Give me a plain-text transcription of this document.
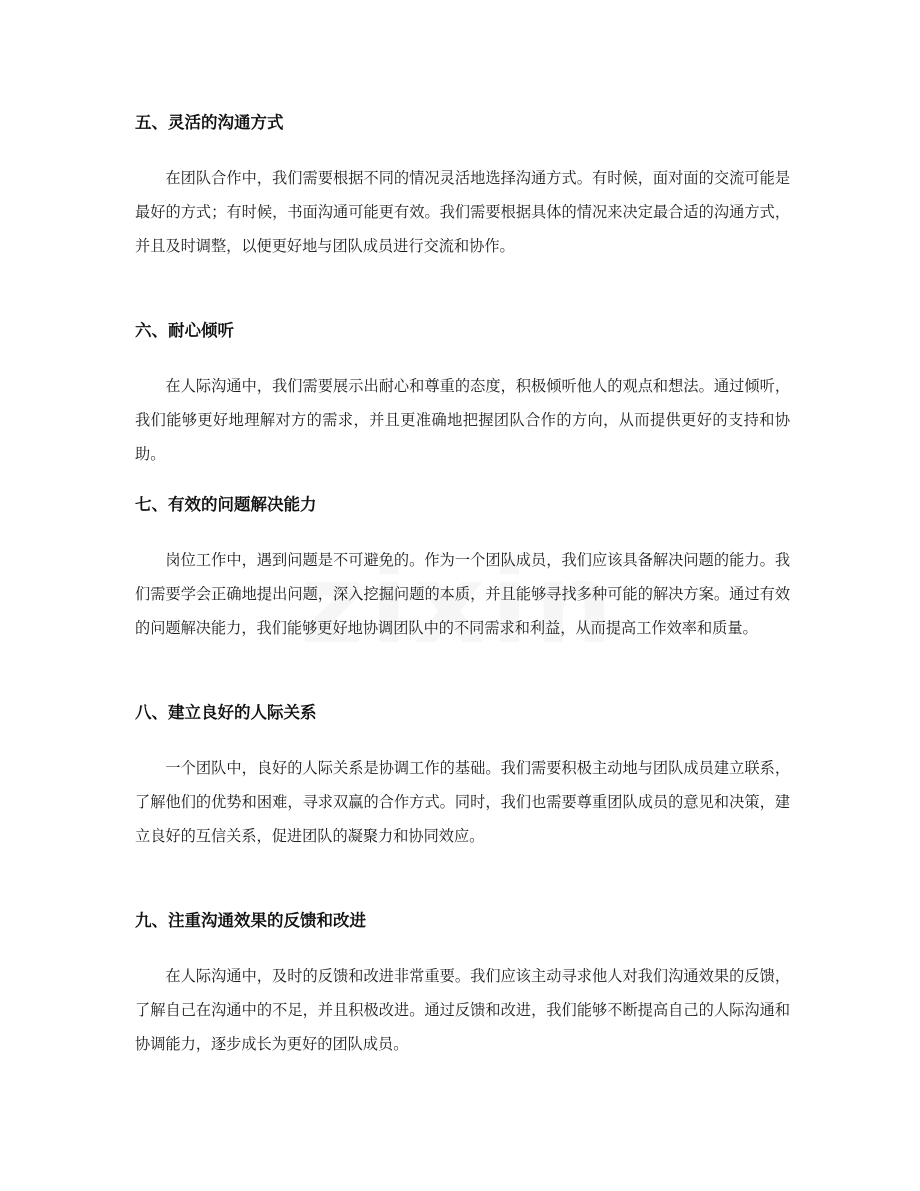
五、灵活的沟通方式

在团队合作中，我们需要根据不同的情况灵活地选择沟通方式。有时候，面对面的交流可能是最好的方式；有时候，书面沟通可能更有效。我们需要根据具体的情况来决定最合适的沟通方式，并且及时调整，以便更好地与团队成员进行交流和协作。

六、耐心倾听

在人际沟通中，我们需要展示出耐心和尊重的态度，积极倾听他人的观点和想法。通过倾听，我们能够更好地理解对方的需求，并且更准确地把握团队合作的方向，从而提供更好的支持和协助。

七、有效的问题解决能力

岗位工作中，遇到问题是不可避免的。作为一个团队成员，我们应该具备解决问题的能力。我们需要学会正确地提出问题，深入挖掘问题的本质，并且能够寻找多种可能的解决方案。通过有效的问题解决能力，我们能够更好地协调团队中的不同需求和利益，从而提高工作效率和质量。

八、建立良好的人际关系

一个团队中，良好的人际关系是协调工作的基础。我们需要积极主动地与团队成员建立联系，了解他们的优势和困难，寻求双赢的合作方式。同时，我们也需要尊重团队成员的意见和决策，建立良好的互信关系，促进团队的凝聚力和协同效应。

九、注重沟通效果的反馈和改进

在人际沟通中，及时的反馈和改进非常重要。我们应该主动寻求他人对我们沟通效果的反馈，了解自己在沟通中的不足，并且积极改进。通过反馈和改进，我们能够不断提高自己的人际沟通和协调能力，逐步成长为更好的团队成员。
